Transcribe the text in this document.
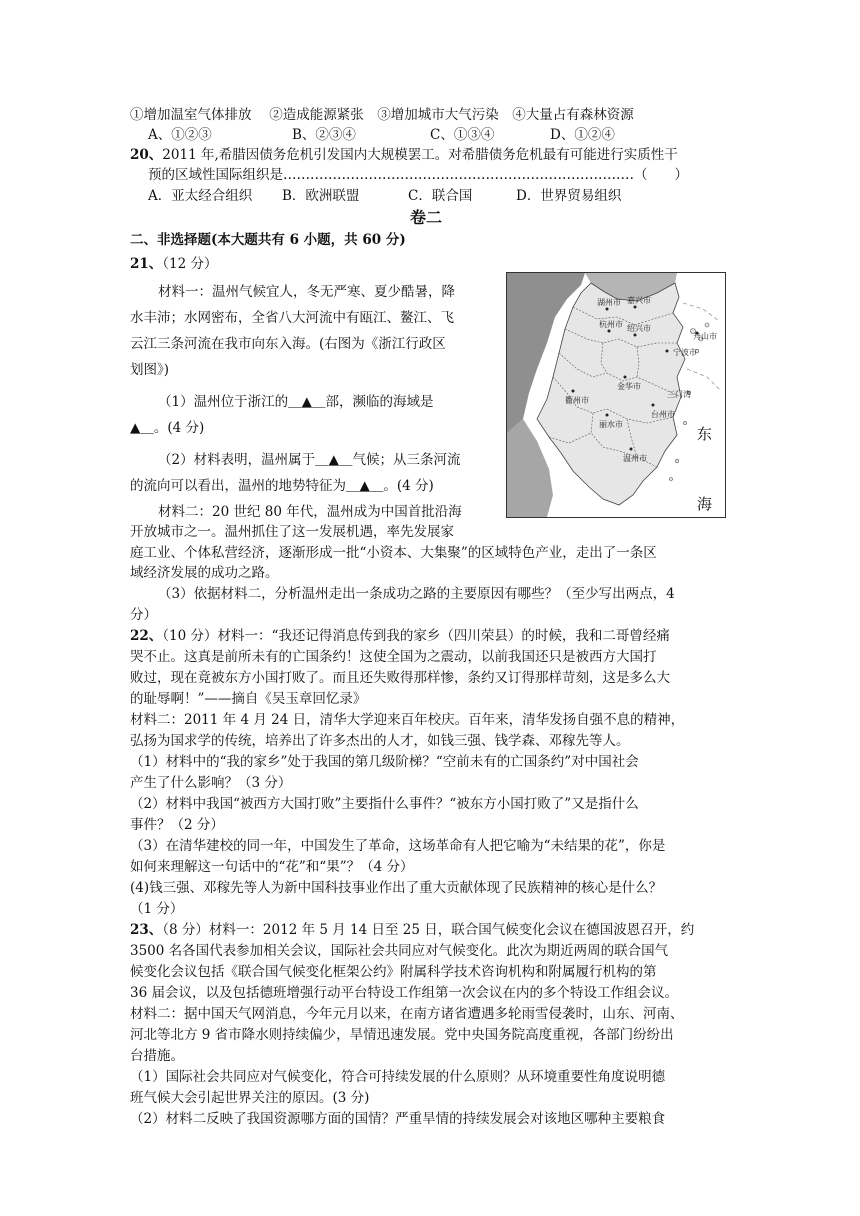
①增加温室气体排放　 ②造成能源紧张　③增加城市大气污染　④大量占有森林资源
A、①②③	B、②③④	C、①③④	D、①②④
20、2011 年,希腊因债务危机引发国内大规模罢工。对希腊债务危机最有可能进行实质性干
预的区域性国际组织是……………………………………………………………………（　　）
A．亚太经合组织 B．欧洲联盟	C．联合国	D．世界贸易组织
卷二
二、非选择题(本大题共有 6 小题，共 60 分)
21、（12 分）
材料一：温州气候宜人，冬无严寒、夏少酷暑，降
水丰沛；水网密布，全省八大河流中有瓯江、鳌江、飞
云江三条河流在我市向东入海。(右图为《浙江行政区
划图》)
（1）温州位于浙江的＿▲＿部，濒临的海域是
▲＿。(4 分)
（2）材料表明，温州属于＿▲＿气候；从三条河流
的流向可以看出，温州的地势特征为＿▲＿。(4 分)
材料二：20 世纪 80 年代，温州成为中国首批沿海
开放城市之一。温州抓住了这一发展机遇，率先发展家
庭工业、个体私营经济，逐渐形成一批“小资本、大集聚”的区域特色产业，走出了一条区
域经济发展的成功之路。
（3）依据材料二，分析温州走出一条成功之路的主要原因有哪些？（至少写出两点，4
分）
湖州市 嘉兴市
杭州市 绍兴市
舟山市
宁波市
金华市
衢州市
台州市
丽水市
温州市
三门湾
东
海
22、（10 分）材料一：“我还记得消息传到我的家乡（四川荣县）的时候，我和二哥曾经痛
哭不止。这真是前所未有的亡国条约！这使全国为之震动，以前我国还只是被西方大国打
败过，现在竟被东方小国打败了。而且还失败得那样惨，条约又订得那样苛刻，这是多么大
的耻辱啊！”——摘自《吴玉章回忆录》
材料二：2011 年 4 月 24 日，清华大学迎来百年校庆。百年来，清华发扬自强不息的精神，
弘扬为国求学的传统，培养出了许多杰出的人才，如钱三强、钱学森、邓稼先等人。
（1）材料中的“我的家乡”处于我国的第几级阶梯？“空前未有的亡国条约”对中国社会
产生了什么影响？（3 分）
（2）材料中我国“被西方大国打败”主要指什么事件？“被东方小国打败了”又是指什么
事件？（2 分）
（3）在清华建校的同一年，中国发生了革命，这场革命有人把它喻为“未结果的花”，你是
如何来理解这一句话中的“花”和“果”？（4 分）
(4)钱三强、邓稼先等人为新中国科技事业作出了重大贡献体现了民族精神的核心是什么？
（1 分）
23、（8 分）材料一：2012 年 5 月 14 日至 25 日，联合国气候变化会议在德国波恩召开，约
3500 名各国代表参加相关会议，国际社会共同应对气候变化。此次为期近两周的联合国气
候变化会议包括《联合国气候变化框架公约》附属科学技术咨询机构和附属履行机构的第
36 届会议，以及包括德班增强行动平台特设工作组第一次会议在内的多个特设工作组会议。
材料二：据中国天气网消息，今年元月以来，在南方诸省遭遇多轮雨雪侵袭时，山东、河南、
河北等北方 9 省市降水则持续偏少，旱情迅速发展。党中央国务院高度重视，各部门纷纷出
台措施。
（1）国际社会共同应对气候变化，符合可持续发展的什么原则？从环境重要性角度说明德
班气候大会引起世界关注的原因。(3 分)
（2）材料二反映了我国资源哪方面的国情？严重旱情的持续发展会对该地区哪种主要粮食
